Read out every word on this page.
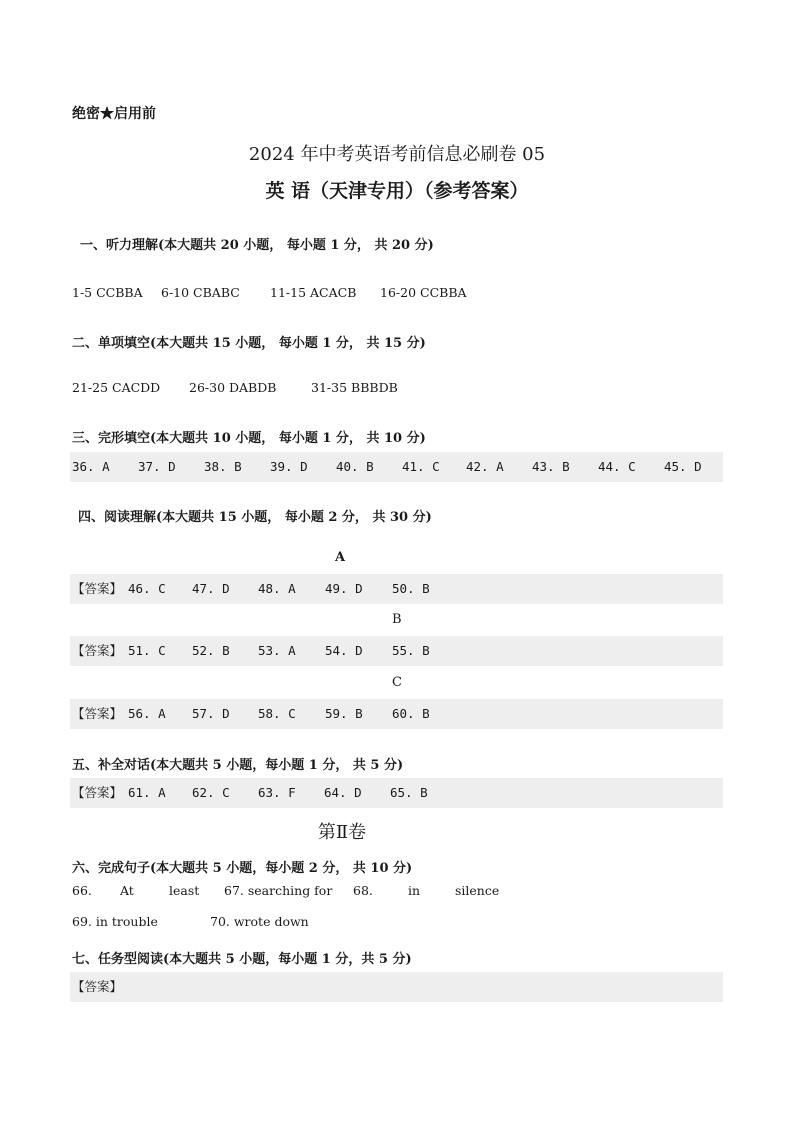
绝密★启用前
2024 年中考英语考前信息必刷卷 05
英 语（天津专用）（参考答案）
一、听力理解(本大题共 20 小题， 每小题 1 分， 共 20 分)
1-5 CCBBA 6-10 CBABC 11-15 ACACB 16-20 CCBBA
二、单项填空(本大题共 15 小题， 每小题 1 分， 共 15 分)
21-25 CACDD 26-30 DABDB	31-35 BBBDB
三、完形填空(本大题共 10 小题， 每小题 1 分， 共 10 分)
36. A 37. D 38. B 39. D 40. B 41. C 42. A 43. B 44. C 45. D
四、阅读理解(本大题共 15 小题， 每小题 2 分， 共 30 分)
A
【答案】 46. C 47. D 48. A 49. D 50. B
B
【答案】 51. C 52. B 53. A 54. D 55. B
C
【答案】 56. A 57. D 58. C 59. B 60. B
五、补全对话(本大题共 5 小题，每小题 1 分， 共 5 分)
【答案】 61. A 62. C 63. F 64. D 65. B
第Ⅱ卷
六、完成句子(本大题共 5 小题，每小题 2 分， 共 10 分)
66. At	least 67. searching for 68.	in	silence
69. in trouble	70. wrote down
七、任务型阅读(本大题共 5 小题，每小题 1 分，共 5 分)
【答案】
